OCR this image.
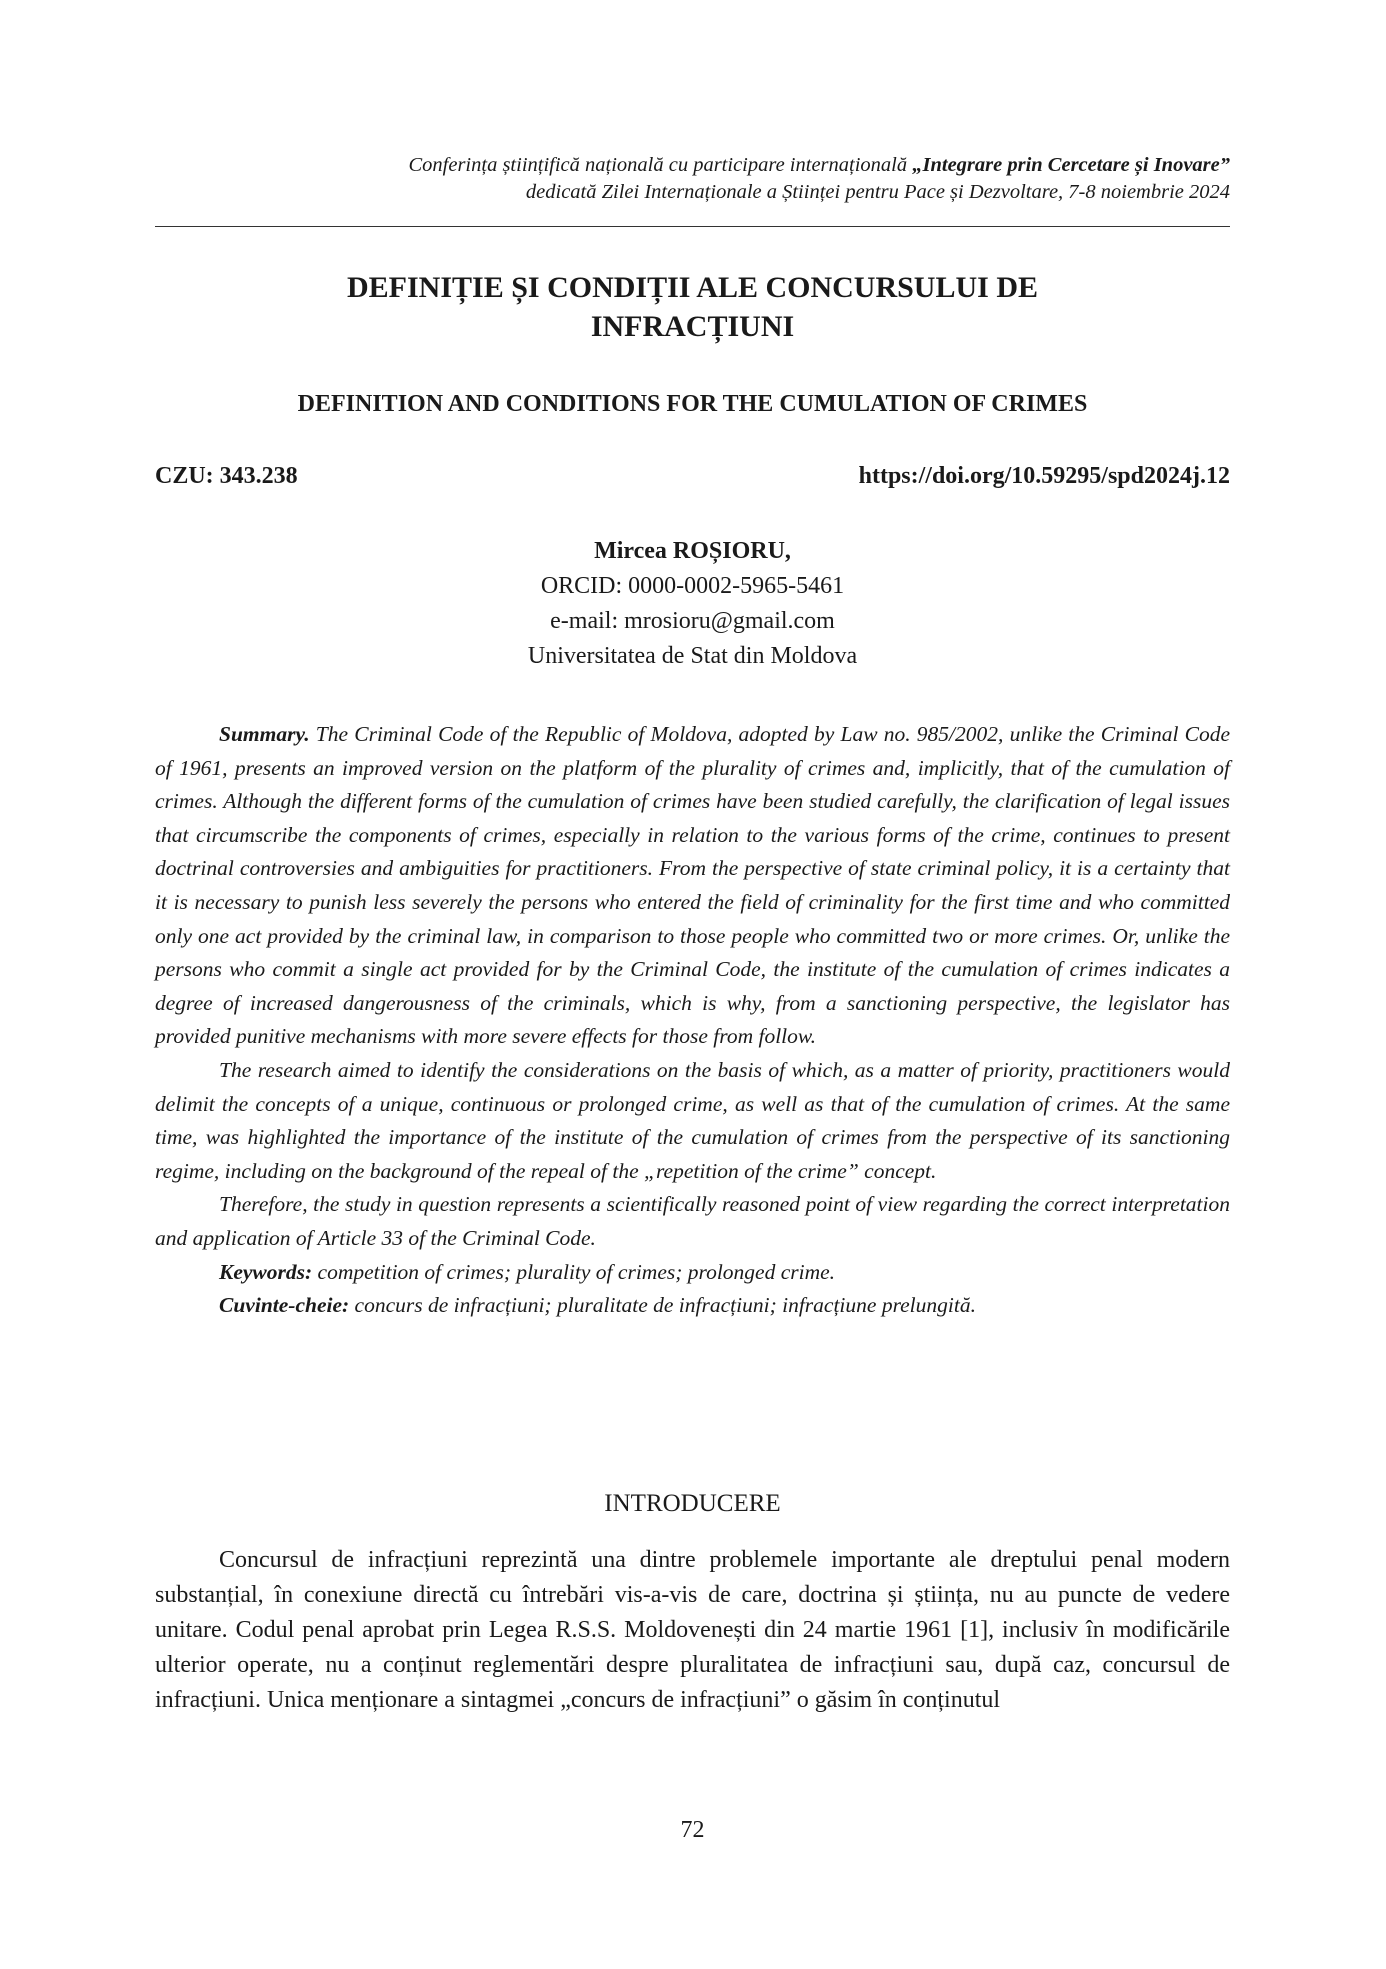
Conferința științifică națională cu participare internațională „Integrare prin Cercetare și Inovare”
dedicată Zilei Internaționale a Științei pentru Pace și Dezvoltare, 7-8 noiembrie 2024
DEFINIȚIE ȘI CONDIȚII ALE CONCURSULUI DE
INFRACȚIUNI
DEFINITION AND CONDITIONS FOR THE CUMULATION OF CRIMES
CZU: 343.238	https://doi.org/10.59295/spd2024j.12
Mircea ROȘIORU,
ORCID: 0000-0002-5965-5461
e-mail: mrosioru@gmail.com
Universitatea de Stat din Moldova

Summary. The Criminal Code of the Republic of Moldova, adopted by Law no. 985/2002, unlike the Criminal Code of 1961, presents an improved version on the platform of the plurality of crimes and, implicitly, that of the cumulation of crimes. Although the different forms of the cumulation of crimes have been studied carefully, the clarification of legal issues that circumscribe the components of crimes, especially in relation to the various forms of the crime, continues to present doctrinal controversies and ambiguities for practitioners. From the perspective of state criminal policy, it is a certainty that it is necessary to punish less severely the persons who entered the field of criminality for the first time and who committed only one act provided by the criminal law, in comparison to those people who committed two or more crimes. Or, unlike the persons who commit a single act provided for by the Criminal Code, the institute of the cumulation of crimes indicates a degree of increased dangerousness of the criminals, which is why, from a sanctioning perspective, the legislator has provided punitive mechanisms with more severe effects for those from follow.

The research aimed to identify the considerations on the basis of which, as a matter of priority, practitioners would delimit the concepts of a unique, continuous or prolonged crime, as well as that of the cumulation of crimes. At the same time, was highlighted the importance of the institute of the cumulation of crimes from the perspective of its sanctioning regime, including on the background of the repeal of the „repetition of the crime” concept.

Therefore, the study in question represents a scientifically reasoned point of view regarding the correct interpretation and application of Article 33 of the Criminal Code.

Keywords: competition of crimes; plurality of crimes; prolonged crime.

Cuvinte-cheie: concurs de infracțiuni; pluralitate de infracțiuni; infracțiune prelungită.

INTRODUCERE

Concursul de infracțiuni reprezintă una dintre problemele importante ale dreptului penal modern substanțial, în conexiune directă cu întrebări vis-a-vis de care, doctrina și știința, nu au puncte de vedere unitare. Codul penal aprobat prin Legea R.S.S. Moldovenești din 24 martie 1961 [1], inclusiv în modificările ulterior operate, nu a conținut reglementări despre pluralitatea de infracțiuni sau, după caz, concursul de infracțiuni. Unica menționare a sintagmei „concurs de infracțiuni” o găsim în conținutul

72
